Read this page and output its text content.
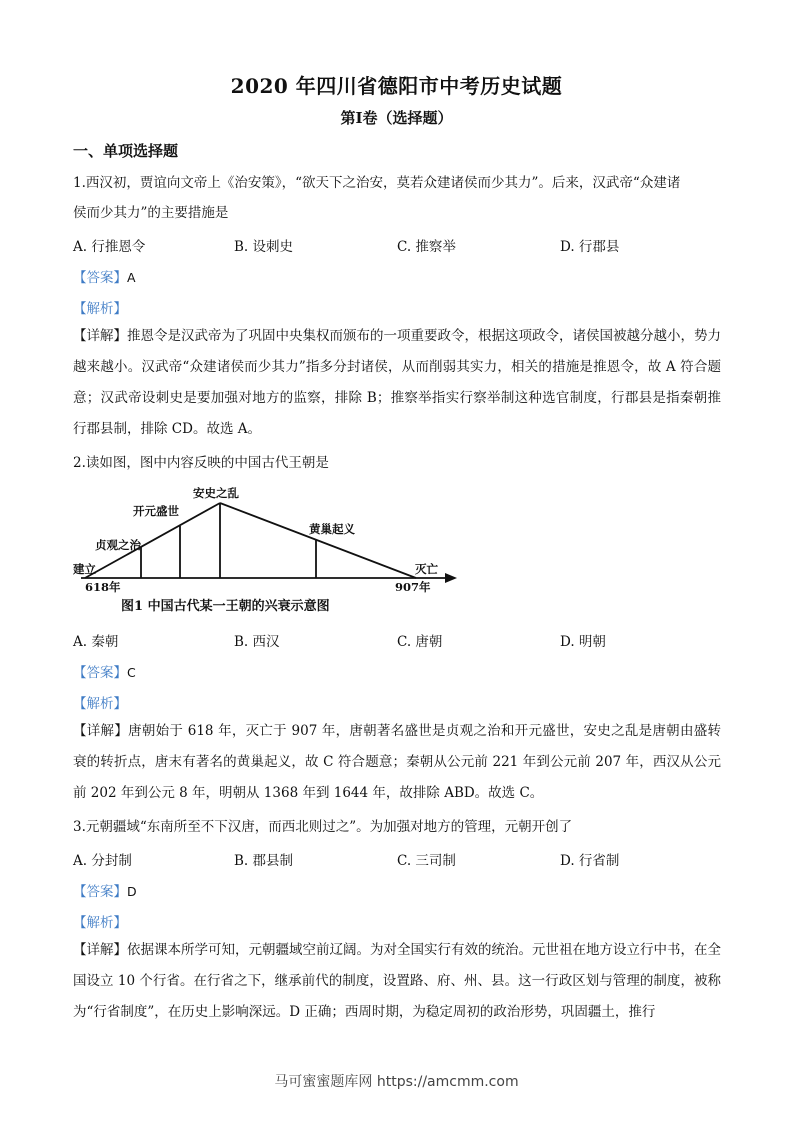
2020 年四川省德阳市中考历史试题
第Ⅰ卷（选择题）
一、单项选择题
1.西汉初，贾谊向文帝上《治安策》，“欲天下之治安，莫若众建诸侯而少其力”。后来，汉武帝“众建诸
侯而少其力”的主要措施是
A. 行推恩令	B. 设刺史	C. 推察举	D. 行郡县
【答案】A
【解析】
【详解】推恩令是汉武帝为了巩固中央集权而颁布的一项重要政令，根据这项政令，诸侯国被越分越小，势力越来越小。汉武帝“众建诸侯而少其力”指多分封诸侯，从而削弱其实力，相关的措施是推恩令，故 A 符合题意；汉武帝设刺史是要加强对地方的监察，排除 B；推察举指实行察举制这种选官制度，行郡县是指秦朝推行郡县制，排除 CD。故选 A。
2.读如图，图中内容反映的中国古代王朝是
建立
贞观之治
开元盛世
安史之乱
黄巢起义
灭亡
618年	907年
图1 中国古代某一王朝的兴衰示意图
A. 秦朝	B. 西汉	C. 唐朝	D. 明朝
【答案】C
【解析】
【详解】唐朝始于 618 年，灭亡于 907 年，唐朝著名盛世是贞观之治和开元盛世，安史之乱是唐朝由盛转衰的转折点，唐末有著名的黄巢起义，故 C 符合题意；秦朝从公元前 221 年到公元前 207 年，西汉从公元前 202 年到公元 8 年，明朝从 1368 年到 1644 年，故排除 ABD。故选 C。
3.元朝疆域“东南所至不下汉唐，而西北则过之”。为加强对地方的管理，元朝开创了
A. 分封制	B. 郡县制	C. 三司制	D. 行省制
【答案】D
【解析】
【详解】依据课本所学可知，元朝疆域空前辽阔。为对全国实行有效的统治。元世祖在地方设立行中书，在全国设立 10 个行省。在行省之下，继承前代的制度，设置路、府、州、县。这一行政区划与管理的制度，被称为“行省制度”，在历史上影响深远。D 正确；西周时期，为稳定周初的政治形势，巩固疆土，推行
马可蜜蜜题库网 https://amcmm.com
